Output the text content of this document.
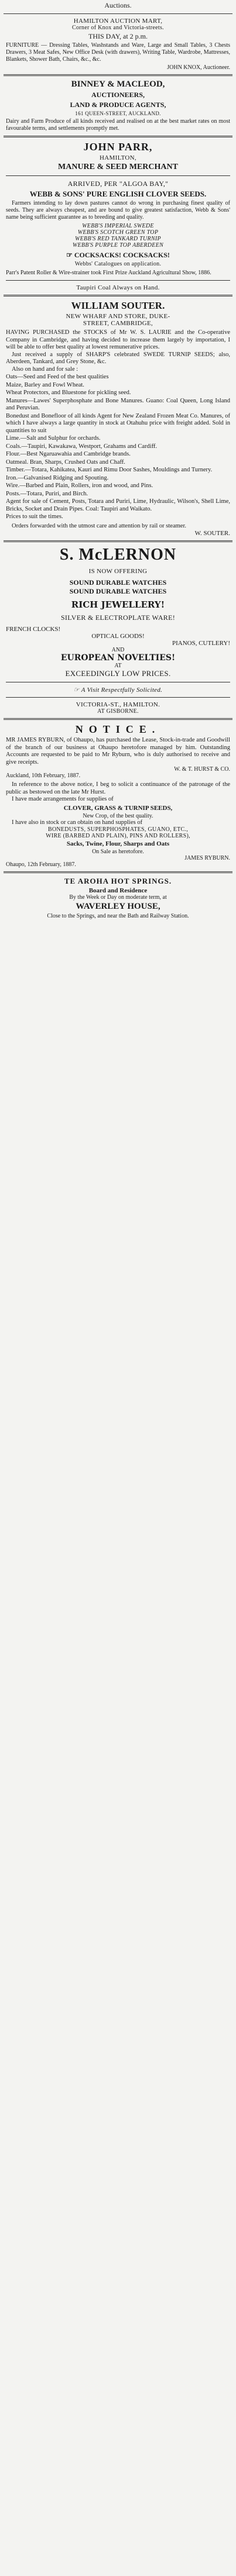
Auctions.
HAMILTON AUCTION MART,
Corner of Knox and Victoria-streets.
THIS DAY, at 2 p.m.
FURNITURE — Dressing Tables, Washstands and Ware, Large and Small Tables, 3 Chests Drawers, 3 Meat Safes, New Office Desk (with drawers), Writing Table, Wardrobe, Mattresses, Blankets, Shower Bath, Chairs, &c., &c.
JOHN KNOX, Auctioneer.
BINNEY & MACLEOD,
AUCTIONEERS,
LAND & PRODUCE AGENTS,
161 QUEEN-STREET, AUCKLAND.
Dairy and Farm Produce of all kinds received and realised on at the best market rates on most favourable terms, and settlements promptly met.
JOHN PARR,
HAMILTON,
MANURE & SEED MERCHANT
ARRIVED, PER "ALGOA BAY,"
WEBB & SONS' PURE ENGLISH CLOVER SEEDS.
Farmers intending to lay down pastures cannot do wrong in purchasing finest quality of seeds. They are always cheapest, and are bound to give greatest satisfaction, Webb & Sons' name being sufficient guarantee as to breeding and quality.
WEBB'S IMPERIAL SWEDE
WEBB'S SCOTCH GREEN TOP
WEBB'S RED TANKARD TURNIP
WEBB'S PURPLE TOP ABERDEEN
☞ COCKSACKS! COCKSACKS!
Webbs' Catalogues on application.
Parr's Patent Roller & Wire-strainer took First Prize Auckland Agricultural Show, 1886.
Taupiri Coal Always on Hand.
WILLIAM SOUTER.
NEW WHARF AND STORE, DUKE-
STREET, CAMBRIDGE,
HAVING PURCHASED the STOCKS of Mr W. S. LAURIE and the Co-operative Company in Cambridge, and having decided to increase them largely by importation, I will be able to offer best quality at lowest remunerative prices.
Just received a supply of SHARP'S celebrated SWEDE TURNIP SEEDS; also, Aberdeen, Tankard, and Grey Stone, &c.
Also on hand and for sale :
Oats—Seed and Feed of the best qualities
Maize, Barley and Fowl Wheat.
Wheat Protectors, and Bluestone for pickling seed.
Manures—Lawes' Superphosphate and Bone Manures. Guano: Coal Queen, Long Island and Peruvian.
Bonedust and Bonefloor of all kinds Agent for New Zealand Frozen Meat Co. Manures, of which I have always a large quantity in stock at Otahuhu price with freight added. Sold in quantities to suit
Lime.—Salt and Sulphur for orchards.
Coals.—Taupiri, Kawakawa, Westport, Grahams and Cardiff.
Flour.—Best Ngaruawahia and Cambridge brands.
Oatmeal. Bran, Sharps, Crushed Oats and Chaff.
Timber.—Totara, Kahikatea, Kauri and Rimu Door Sashes, Mouldings and Turnery.
Iron.—Galvanised Ridging and Spouting.
Wire.—Barbed and Plain, Rollers, iron and wood, and Pins.
Posts.—Totara, Puriri, and Birch.
Agent for sale of Cement, Posts, Totara and Puriri, Lime, Hydraulic, Wilson's, Shell Lime, Bricks, Socket and Drain Pipes. Coal: Taupiri and Waikato.
Prices to suit the times.
Orders forwarded with the utmost care and attention by rail or steamer.
W. SOUTER.
S. McLERNON
IS NOW OFFERING
SOUND DURABLE WATCHES
SOUND DURABLE WATCHES
RICH JEWELLERY!
SILVER & ELECTROPLATE WARE!
FRENCH CLOCKS!
OPTICAL GOODS!
PIANOS, CUTLERY!
AND
EUROPEAN NOVELTIES!
AT
EXCEEDINGLY LOW PRICES.
☞ A Visit Respectfully Solicited.
VICTORIA-ST., HAMILTON.
AT GISBORNE.
NOTICE.
MR JAMES RYBURN, of Ohaupo, has purchased the Lease, Stock-in-trade and Goodwill of the branch of our business at Ohaupo heretofore managed by him. Outstanding Accounts are requested to be paid to Mr Ryburn, who is duly authorised to receive and give receipts.
W. & T. HURST & CO.
Auckland, 10th February, 1887.
In reference to the above notice, I beg to solicit a continuance of the patronage of the public as bestowed on the late Mr Hurst.
I have made arrangements for supplies of
CLOVER, GRASS & TURNIP SEEDS,
New Crop, of the best quality.
I have also in stock or can obtain on hand supplies of
BONEDUSTS, SUPERPHOSPHATES, GUANO, ETC.,
WIRE (BARBED AND PLAIN), PINS AND ROLLERS),
Sacks, Twine, Flour, Sharps and Oats
On Sale as heretofore.
JAMES RYBURN.
Ohaupo, 12th February, 1887.
TE AROHA HOT SPRINGS.
Board and Residence
By the Week or Day on moderate term, at
WAVERLEY HOUSE,
Close to the Springs, and near the Bath and Railway Station.
